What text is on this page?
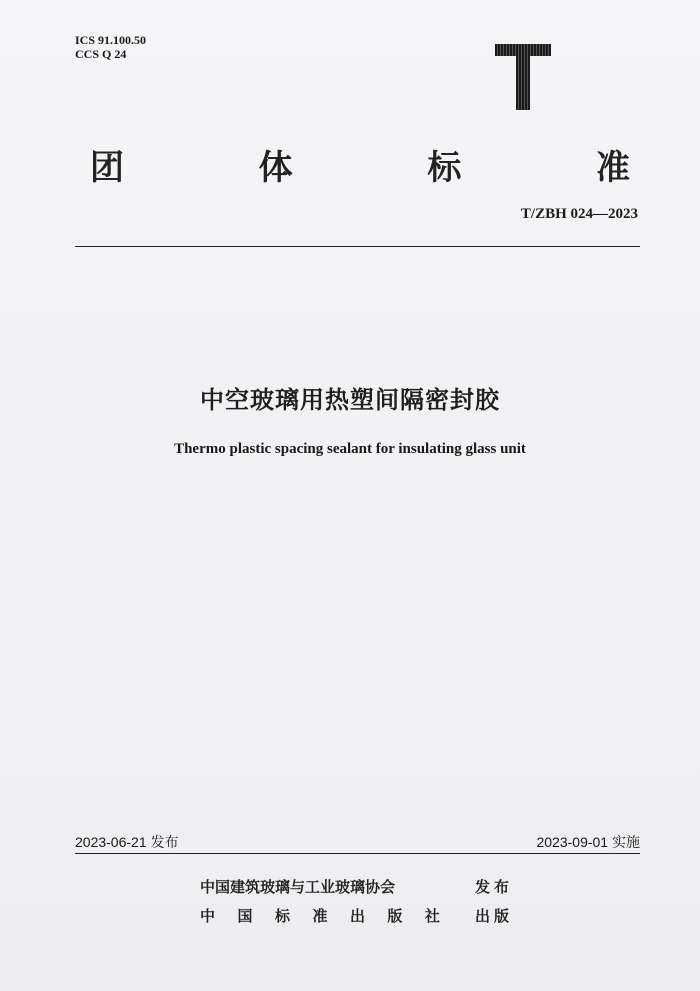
ICS 91.100.50
CCS Q 24
团	体	标	准
T/ZBH 024—2023
中空玻璃用热塑间隔密封胶
Thermo plastic spacing sealant for insulating glass unit
2023-06-21 发布	2023-09-01 实施
中国建筑玻璃与工业玻璃协会	发布
中 国 标 准 出 版 社 出版
